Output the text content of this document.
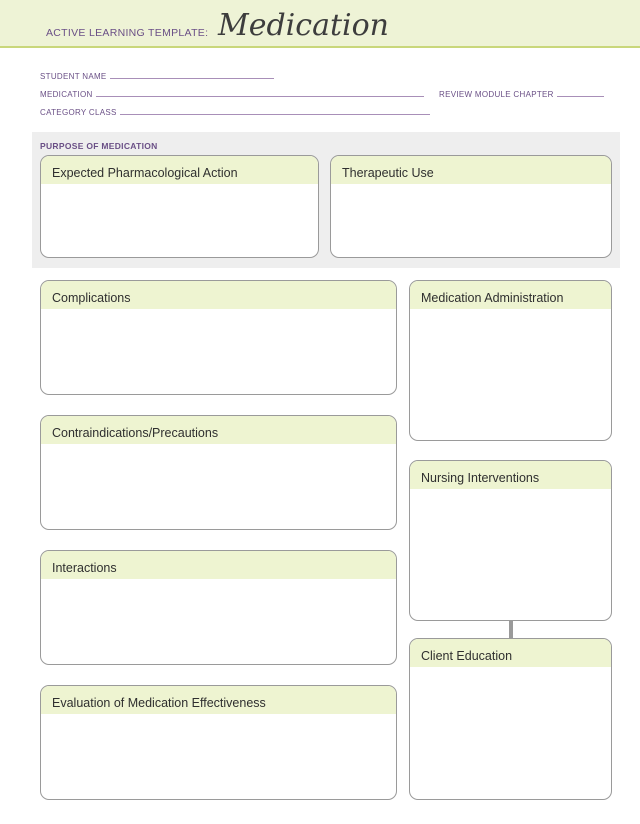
ACTIVE LEARNING TEMPLATE: Medication
STUDENT NAME
MEDICATION	REVIEW MODULE CHAPTER
CATEGORY CLASS
PURPOSE OF MEDICATION
Expected Pharmacological Action	Therapeutic Use
Complications
Contraindications/Precautions
Interactions
Evaluation of Medication Effectiveness
Medication Administration
Nursing Interventions
Client Education
